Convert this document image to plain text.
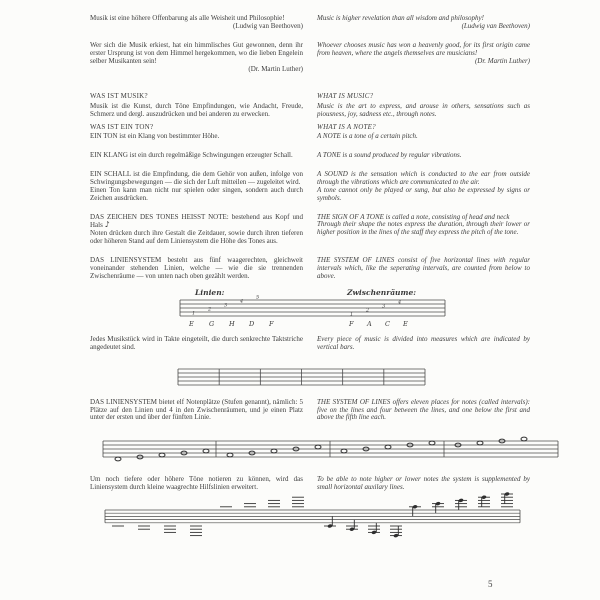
Musik ist eine höhere Offenbarung als alle Weisheit und Philosophie!
(Ludwig van Beethoven)

Music is higher revelation than all wisdom and philosophy!
(Ludwig van Beethoven)

Wer sich die Musik erkiest, hat ein himmlisches Gut gewonnen, denn ihr erster Ursprung ist von dem Himmel hergekommen, wo die lieben Engelein selber Musikanten sein!
(Dr. Martin Luther)

Whoever chooses music has won a heavenly good, for its first origin came from heaven, where the angels themselves are musicians!
(Dr. Martin Luther)

WAS IST MUSIK?

Musik ist die Kunst, durch Töne Empfindungen, wie Andacht, Freude, Schmerz und dergl. auszudrücken und bei anderen zu erwecken.

WHAT IS MUSIC?

Music is the art to express, and arouse in others, sensations such as piousness, joy, sadness etc., through notes.

WAS IST EIN TON?

EIN TON ist ein Klang von bestimmter Höhe.

WHAT IS A NOTE?

A NOTE is a tone of a certain pitch.

EIN KLANG ist ein durch regelmäßige Schwingungen erzeugter Schall.	A TONE is a sound produced by regular vibrations.

EIN SCHALL ist die Empfindung, die dem Gehör von außen, infolge von Schwingungsbewegungen — die sich der Luft mitteilen — zugeleitet wird.

Einen Ton kann man nicht nur spielen oder singen, sondern auch durch Zeichen ausdrücken.

A SOUND is the sensation which is conducted to the ear from outside through the vibrations which are communicated to the air.

A tone cannot only be played or sung, but also be expressed by signs or symbols.

DAS ZEICHEN DES TONES HEISST NOTE: bestehend aus Kopf und Hals ♪

Noten drücken durch ihre Gestalt die Zeitdauer, sowie durch ihren tieferen oder höheren Stand auf dem Liniensystem die Höhe des Tones aus.

THE SIGN OF A TONE is called a note, consisting of head and neck

Through their shape the notes express the duration, through their lower or higher position in the lines of the staff they express the pitch of the tone.

DAS LINIENSYSTEM besteht aus fünf waagerechten, gleichweit voneinander stehenden Linien, welche — wie die sie trennenden Zwischenräume — von unten nach oben gezählt werden.

THE SYSTEM OF LINES consist of five horizontal lines with regular intervals which, like the seperating intervals, are counted from below to above.

Linien:	Zwischenräume:
1
2
3
4
5
E G H D F
1
2
3
4
F A C E

Jedes Musikstück wird in Takte eingeteilt, die durch senkrechte Taktstriche angedeutet sind.

Every piece of music is divided into measures which are indicated by vertical bars.

DAS LINIENSYSTEM bietet elf Notenplätze (Stufen genannt), nämlich: 5 Plätze auf den Linien und 4 in den Zwischenräumen, und je einen Platz unter der ersten und über der fünften Linie.

THE SYSTEM OF LINES offers eleven places for notes (called intervals): five on the lines and four between the lines, and one below the first and above the fifth line each.

Um noch tiefere oder höhere Töne notieren zu können, wird das Liniensystem durch kleine waagrechte Hilfslinien erweitert.

To be able to note higher or lower notes the system is supplemented by small horizontal auxilary lines.

5
